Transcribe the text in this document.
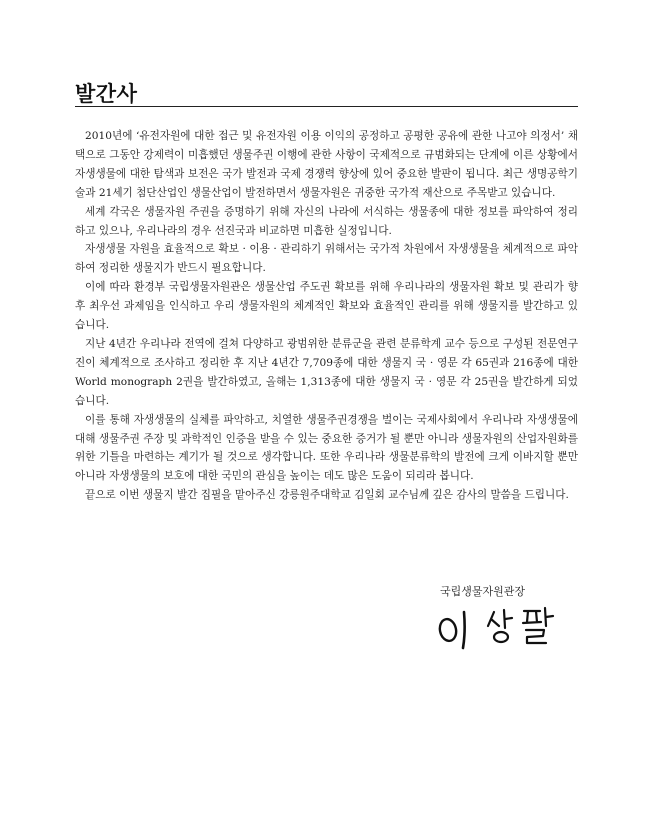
발간사

2010년에 ‘유전자원에 대한 접근 및 유전자원 이용 이익의 공정하고 공평한 공유에 관한 나고야 의정서’ 채택으로 그동안 강제력이 미흡했던 생물주권 이행에 관한 사항이 국제적으로 규범화되는 단계에 이른 상황에서 자생생물에 대한 탐색과 보전은 국가 발전과 국제 경쟁력 향상에 있어 중요한 발판이 됩니다. 최근 생명공학기술과 21세기 첨단산업인 생물산업이 발전하면서 생물자원은 귀중한 국가적 재산으로 주목받고 있습니다.

세계 각국은 생물자원 주권을 증명하기 위해 자신의 나라에 서식하는 생물종에 대한 정보를 파악하여 정리하고 있으나, 우리나라의 경우 선진국과 비교하면 미흡한 실정입니다.

자생생물 자원을 효율적으로 확보 · 이용 · 관리하기 위해서는 국가적 차원에서 자생생물을 체계적으로 파악하여 정리한 생물지가 반드시 필요합니다.

이에 따라 환경부 국립생물자원관은 생물산업 주도권 확보를 위해 우리나라의 생물자원 확보 및 관리가 향후 최우선 과제임을 인식하고 우리 생물자원의 체계적인 확보와 효율적인 관리를 위해 생물지를 발간하고 있습니다.

지난 4년간 우리나라 전역에 걸쳐 다양하고 광범위한 분류군을 관련 분류학계 교수 등으로 구성된 전문연구진이 체계적으로 조사하고 정리한 후 지난 4년간 7,709종에 대한 생물지 국 · 영문 각 65권과 216종에 대한 World monograph 2권을 발간하였고, 올해는 1,313종에 대한 생물지 국 · 영문 각 25권을 발간하게 되었습니다.

이를 통해 자생생물의 실체를 파악하고, 치열한 생물주권경쟁을 벌이는 국제사회에서 우리나라 자생생물에 대해 생물주권 주장 및 과학적인 인증을 받을 수 있는 중요한 증거가 될 뿐만 아니라 생물자원의 산업자원화를 위한 기틀을 마련하는 계기가 될 것으로 생각합니다. 또한 우리나라 생물분류학의 발전에 크게 이바지할 뿐만 아니라 자생생물의 보호에 대한 국민의 관심을 높이는 데도 많은 도움이 되리라 봅니다.

끝으로 이번 생물지 발간 집필을 맡아주신 강릉원주대학교 김일회 교수님께 깊은 감사의 말씀을 드립니다.

국립생물자원관장
